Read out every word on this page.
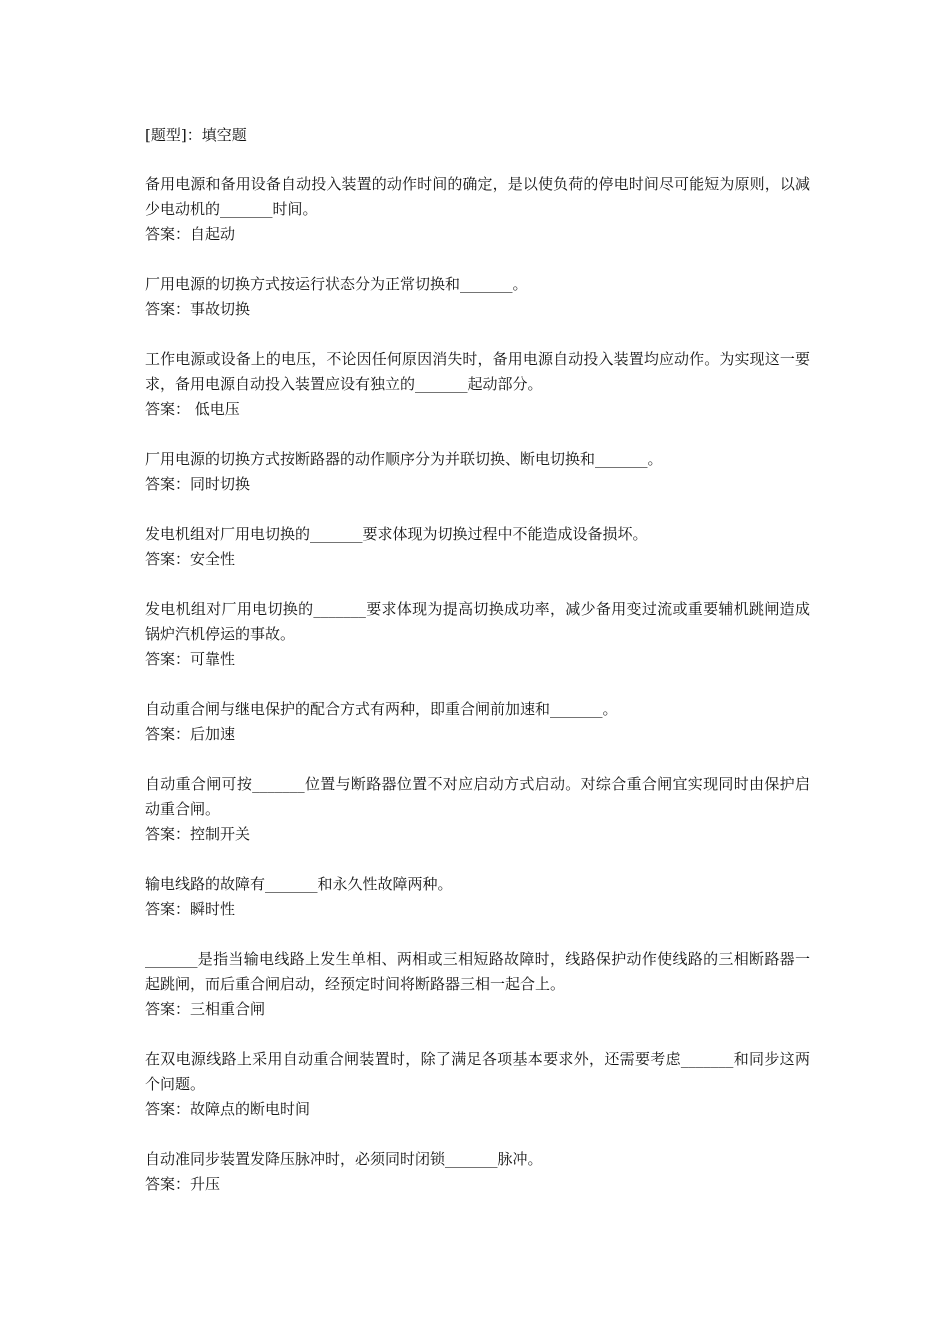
[题型]：填空题
备用电源和备用设备自动投入装置的动作时间的确定，是以使负荷的停电时间尽可能短为原则，以减少电动机的_______时间。
答案：自起动
厂用电源的切换方式按运行状态分为正常切换和_______。
答案：事故切换
工作电源或设备上的电压，不论因任何原因消失时，备用电源自动投入装置均应动作。为实现这一要求，备用电源自动投入装置应设有独立的_______起动部分。
答案： 低电压
厂用电源的切换方式按断路器的动作顺序分为并联切换、断电切换和_______。
答案：同时切换
发电机组对厂用电切换的_______要求体现为切换过程中不能造成设备损坏。
答案：安全性
发电机组对厂用电切换的_______要求体现为提高切换成功率，减少备用变过流或重要辅机跳闸造成锅炉汽机停运的事故。
答案：可靠性
自动重合闸与继电保护的配合方式有两种，即重合闸前加速和_______。
答案：后加速
自动重合闸可按_______位置与断路器位置不对应启动方式启动。对综合重合闸宜实现同时由保护启动重合闸。
答案：控制开关
输电线路的故障有_______和永久性故障两种。
答案：瞬时性
_______是指当输电线路上发生单相、两相或三相短路故障时，线路保护动作使线路的三相断路器一起跳闸，而后重合闸启动，经预定时间将断路器三相一起合上。
答案：三相重合闸
在双电源线路上采用自动重合闸装置时，除了满足各项基本要求外，还需要考虑_______和同步这两个问题。
答案：故障点的断电时间
自动准同步装置发降压脉冲时，必须同时闭锁_______脉冲。
答案：升压
